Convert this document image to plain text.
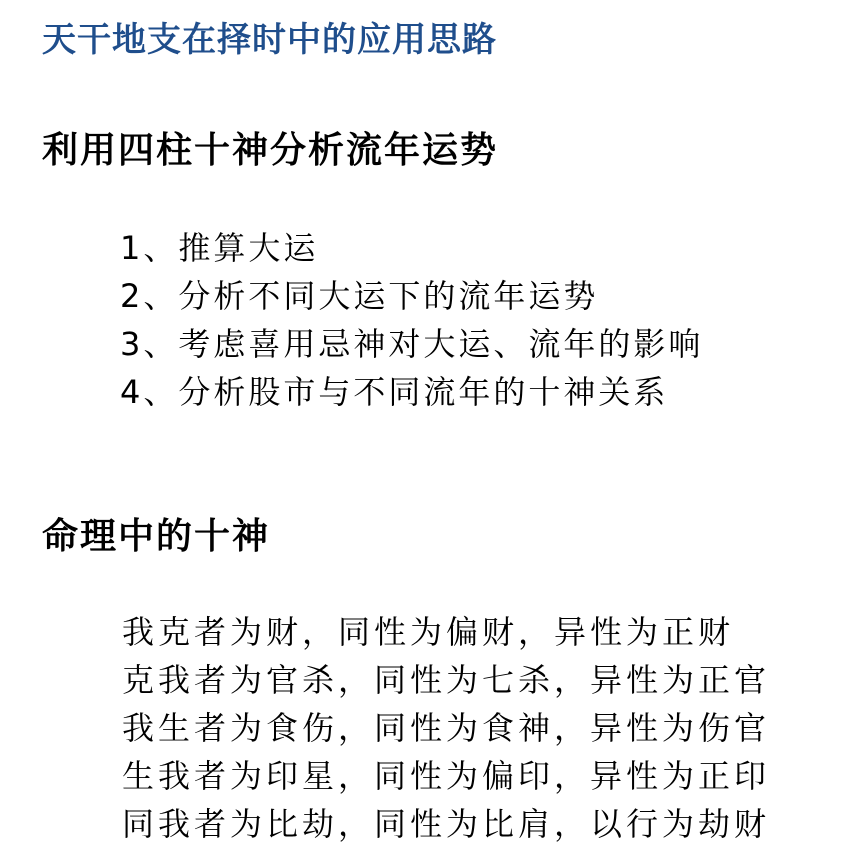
天干地支在择时中的应用思路
利用四柱十神分析流年运势
1、推算大运
2、分析不同大运下的流年运势
3、考虑喜用忌神对大运、流年的影响
4、分析股市与不同流年的十神关系
命理中的十神
我克者为财，同性为偏财，异性为正财
克我者为官杀，同性为七杀，异性为正官
我生者为食伤，同性为食神，异性为伤官
生我者为印星，同性为偏印，异性为正印
同我者为比劫，同性为比肩，以行为劫财
